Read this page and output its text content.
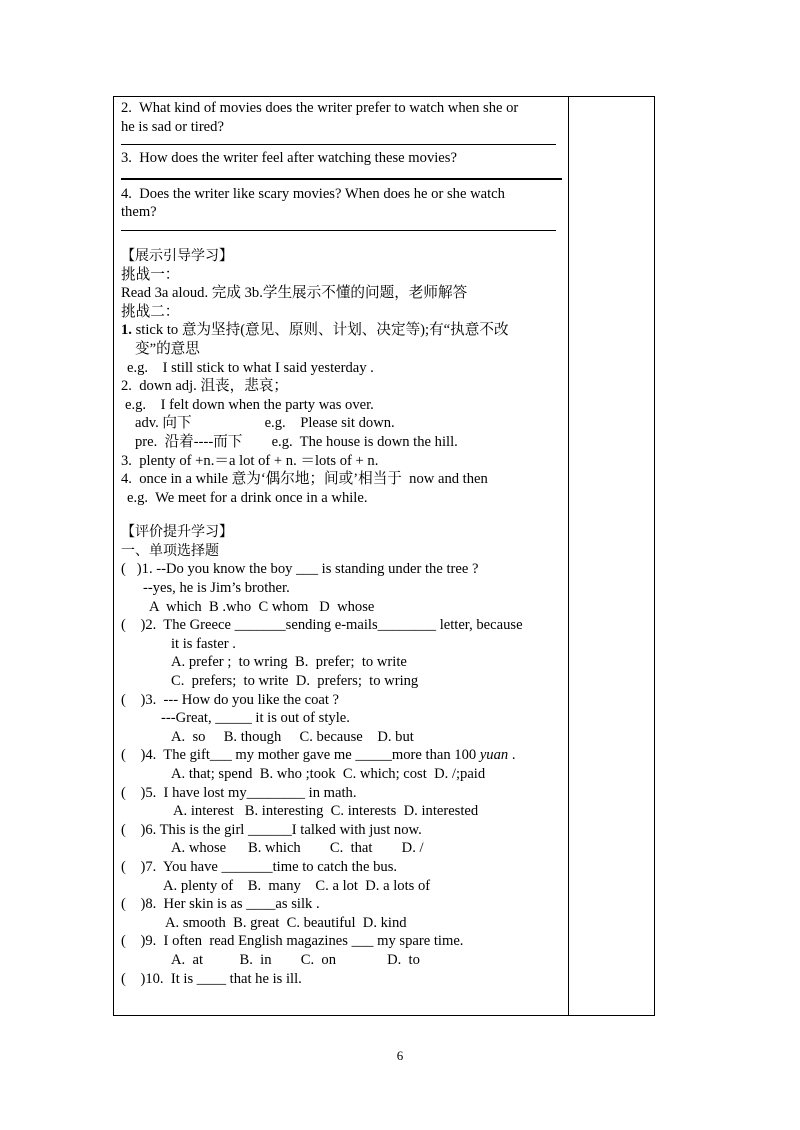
2.  What kind of movies does the writer prefer to watch when she or
he is sad or tired?
3.  How does the writer feel after watching these movies?
4.  Does the writer like scary movies? When does he or she watch
them?
【展示引导学习】
挑战一：
Read 3a aloud. 完成 3b.学生展示不懂的问题，老师解答
挑战二：
1. stick to 意为坚持(意见、原则、计划、决定等);有“执意不改
变”的意思
e.g.    I still stick to what I said yesterday .
2.  down adj. 沮丧，悲哀；
e.g.    I felt down when the party was over.
adv. 向下                    e.g.    Please sit down.
pre.  沿着----而下        e.g.  The house is down the hill.
3.  plenty of +n.＝a lot of + n. ＝lots of + n.
4.  once in a while 意为‘偶尔地；间或’相当于  now and then
e.g.  We meet for a drink once in a while.
【评价提升学习】
一、单项选择题
(   )1. --Do you know the boy ___ is standing under the tree ?
--yes, he is Jim’s brother.
A  which  B .who  C whom   D  whose
(    )2.  The Greece _______sending e-mails________ letter, because
it is faster .
A. prefer ;  to wring  B.  prefer;  to write
C.  prefers;  to write  D.  prefers;  to wring
(    )3.  --- How do you like the coat ?
---Great, _____ it is out of style.
A.  so     B. though     C. because    D. but
(    )4.  The gift___ my mother gave me _____more than 100 yuan .
A. that; spend  B. who ;took  C. which; cost  D. /;paid
(    )5.  I have lost my________ in math.
A. interest   B. interesting  C. interests  D. interested
(    )6. This is the girl ______I talked with just now.
A. whose      B. which        C.  that        D. /
(    )7.  You have _______time to catch the bus.
A. plenty of    B.  many    C. a lot  D. a lots of
(    )8.  Her skin is as ____as silk .
A. smooth  B. great  C. beautiful  D. kind
(    )9.  I often  read English magazines ___ my spare time.
A.  at          B.  in        C.  on              D.  to
(    )10.  It is ____ that he is ill.
6
